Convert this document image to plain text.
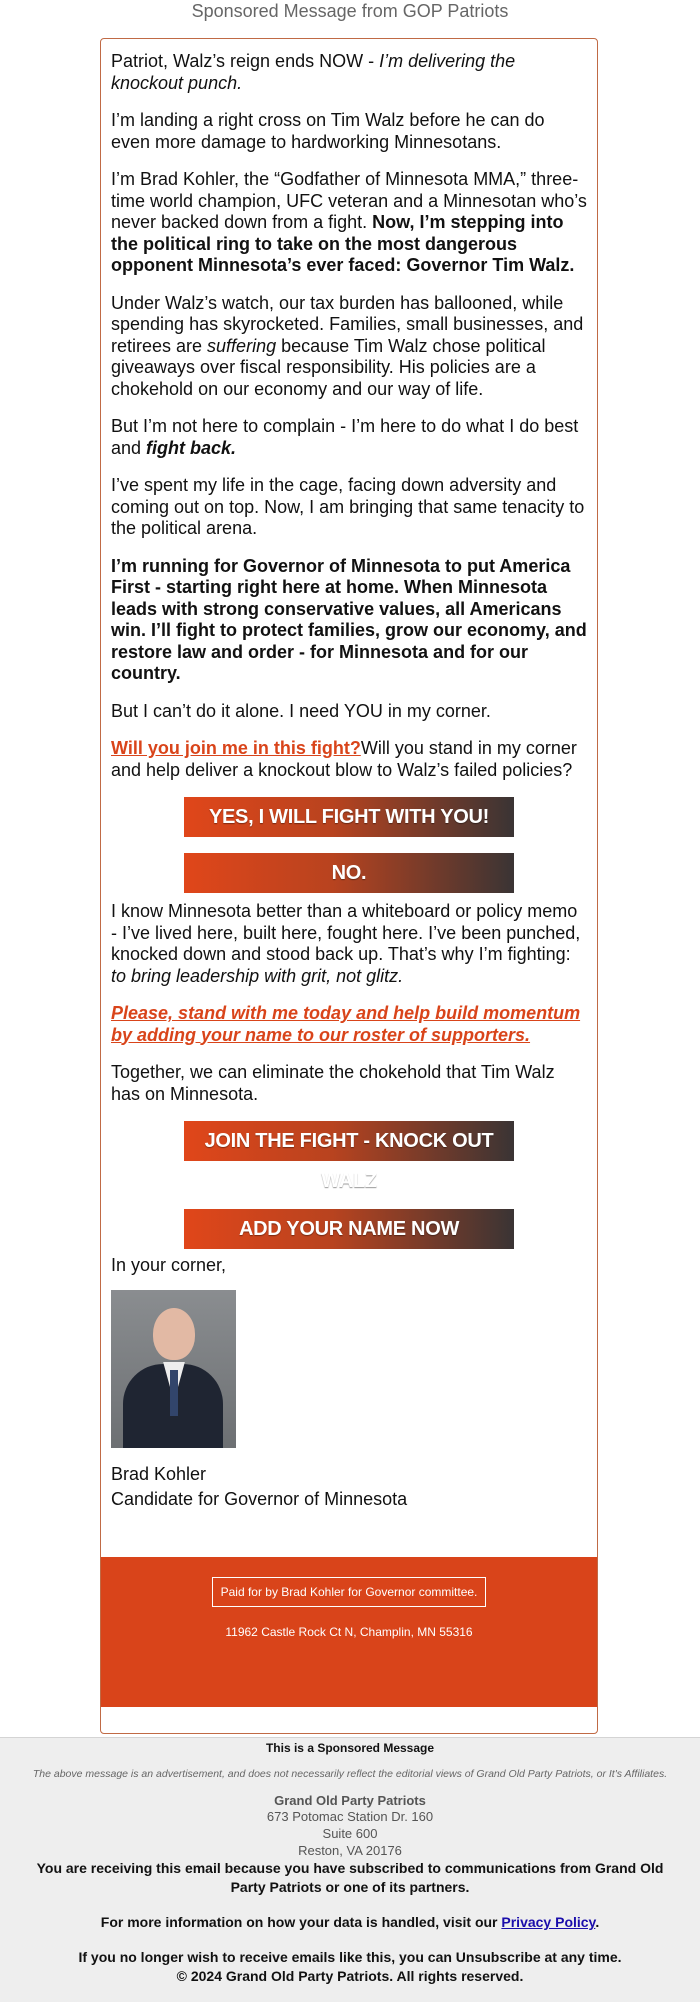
Sponsored Message from GOP Patriots

Patriot, Walz’s reign ends NOW - I’m delivering the knockout punch.

I’m landing a right cross on Tim Walz before he can do even more damage to hardworking Minnesotans.

I’m Brad Kohler, the “Godfather of Minnesota MMA,” three-time world champion, UFC veteran and a Minnesotan who’s never backed down from a fight. Now, I’m stepping into the political ring to take on the most dangerous opponent Minnesota’s ever faced: Governor Tim Walz.

Under Walz’s watch, our tax burden has ballooned, while spending has skyrocketed. Families, small businesses, and retirees are suffering because Tim Walz chose political giveaways over fiscal responsibility. His policies are a chokehold on our economy and our way of life.

But I’m not here to complain - I’m here to do what I do best and fight back.

I’ve spent my life in the cage, facing down adversity and coming out on top. Now, I am bringing that same tenacity to the political arena.

I’m running for Governor of Minnesota to put America First - starting right here at home. When Minnesota leads with strong conservative values, all Americans win. I’ll fight to protect families, grow our economy, and restore law and order - for Minnesota and for our country.

But I can’t do it alone. I need YOU in my corner.

Will you join me in this fight?Will you stand in my corner and help deliver a knockout blow to Walz’s failed policies?

YES, I WILL FIGHT WITH YOU!
NO.

I know Minnesota better than a whiteboard or policy memo - I’ve lived here, built here, fought here. I’ve been punched, knocked down and stood back up. That’s why I’m fighting: to bring leadership with grit, not glitz.

Please, stand with me today and help build momentum by adding your name to our roster of supporters.

Together, we can eliminate the chokehold that Tim Walz has on Minnesota.

JOIN THE FIGHT - KNOCK OUT WALZ
ADD YOUR NAME NOW
In your corner,
Brad Kohler
Candidate for Governor of Minnesota
Paid for by Brad Kohler for Governor committee.
11962 Castle Rock Ct N, Champlin, MN 55316
This is a Sponsored Message
The above message is an advertisement, and does not necessarily reflect the editorial views of Grand Old Party Patriots, or It's Affiliates.
Grand Old Party Patriots
673 Potomac Station Dr. 160
Suite 600
Reston, VA 20176
You are receiving this email because you have subscribed to communications from Grand Old Party Patriots or one of its partners.
For more information on how your data is handled, visit our Privacy Policy.
If you no longer wish to receive emails like this, you can Unsubscribe at any time.
© 2024 Grand Old Party Patriots. All rights reserved.
